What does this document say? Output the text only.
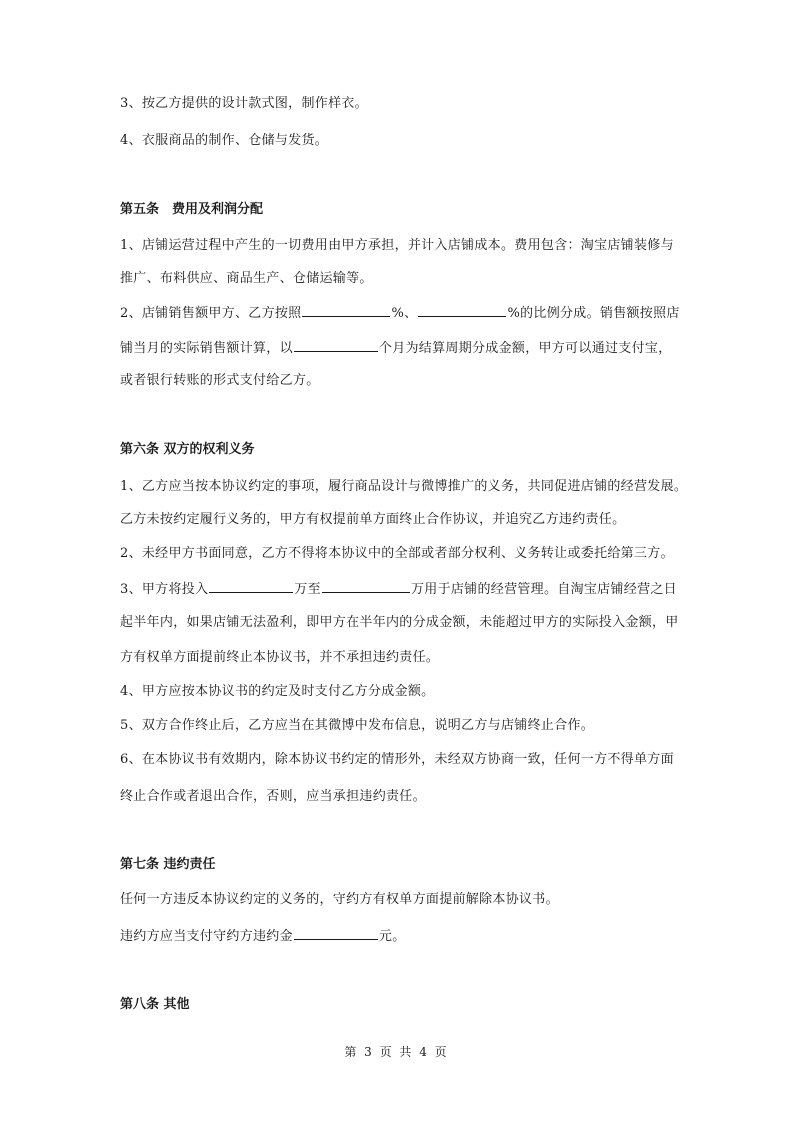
3、按乙方提供的设计款式图，制作样衣。
4、衣服商品的制作、仓储与发货。
第五条　费用及利润分配
1、店铺运营过程中产生的一切费用由甲方承担，并计入店铺成本。费用包含：淘宝店铺装修与
推广、布料供应、商品生产、仓储运输等。
2、店铺销售额甲方、乙方按照	%、	%的比例分成。销售额按照店
铺当月的实际销售额计算，以	个月为结算周期分成金额，甲方可以通过支付宝，
或者银行转账的形式支付给乙方。
第六条 双方的权利义务
1、乙方应当按本协议约定的事项，履行商品设计与微博推广的义务，共同促进店铺的经营发展。
乙方未按约定履行义务的，甲方有权提前单方面终止合作协议，并追究乙方违约责任。
2、未经甲方书面同意，乙方不得将本协议中的全部或者部分权利、义务转让或委托给第三方。
3、甲方将投入	万至	万用于店铺的经营管理。自淘宝店铺经营之日
起半年内，如果店铺无法盈利，即甲方在半年内的分成金额，未能超过甲方的实际投入金额，甲
方有权单方面提前终止本协议书，并不承担违约责任。
4、甲方应按本协议书的约定及时支付乙方分成金额。
5、双方合作终止后，乙方应当在其微博中发布信息，说明乙方与店铺终止合作。
6、在本协议书有效期内，除本协议书约定的情形外，未经双方协商一致，任何一方不得单方面
终止合作或者退出合作，否则，应当承担违约责任。
第七条 违约责任
任何一方违反本协议约定的义务的，守约方有权单方面提前解除本协议书。
违约方应当支付守约方违约金	元。
第八条 其他
第 3 页 共 4 页
